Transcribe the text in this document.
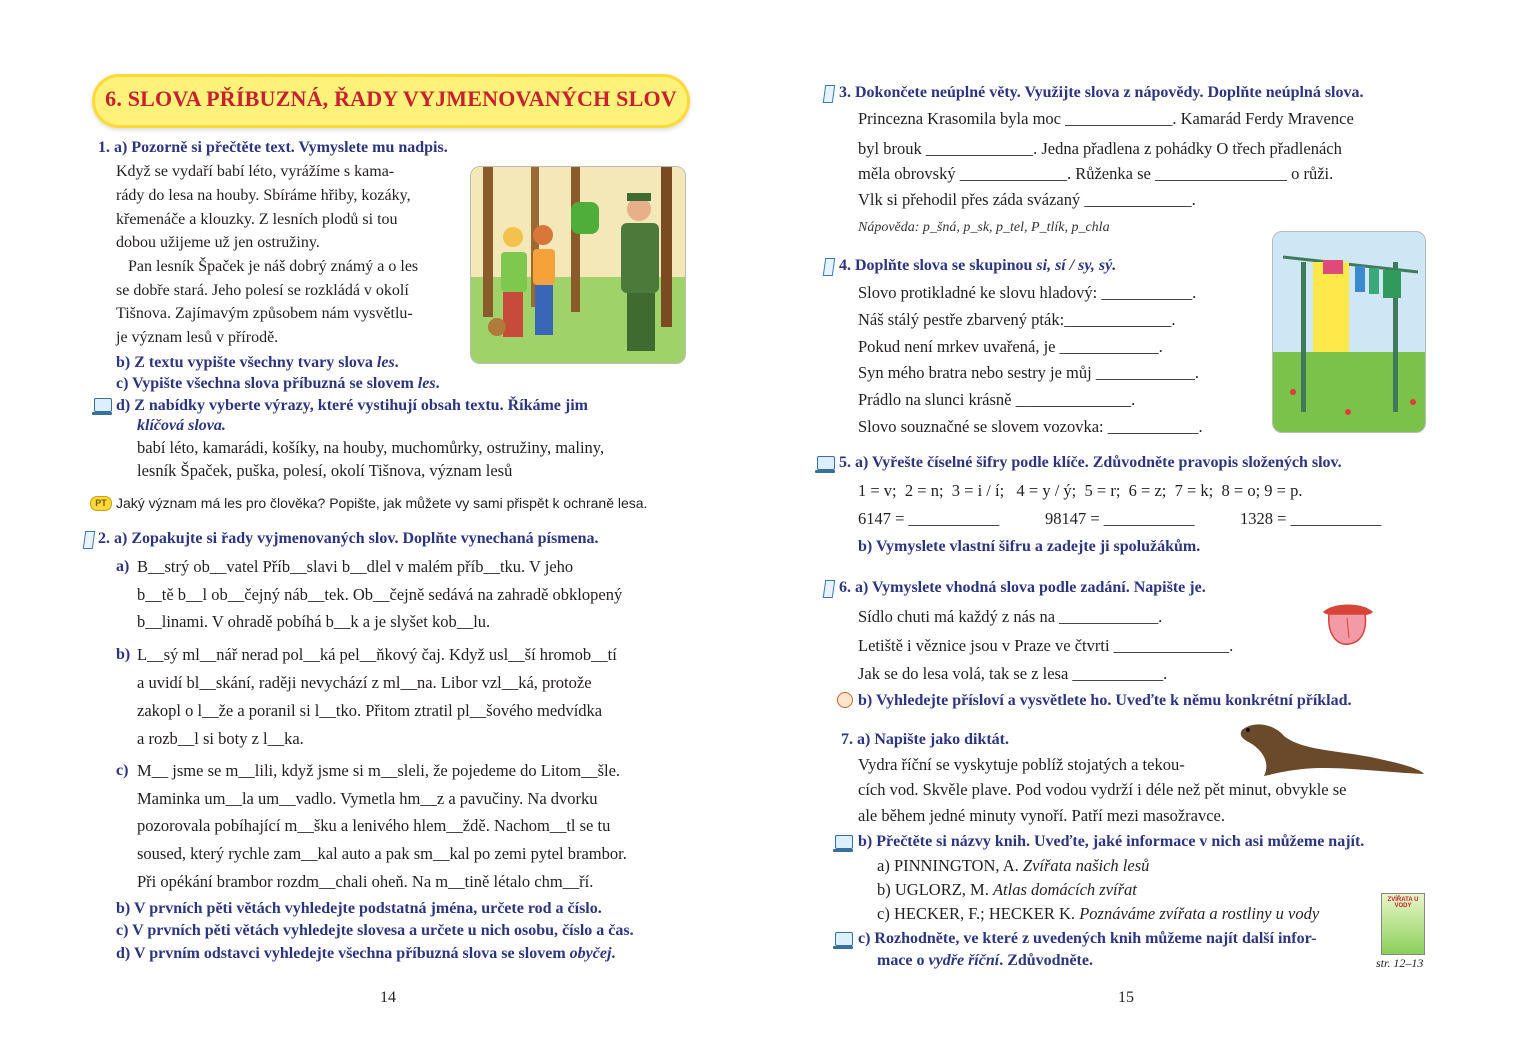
6. SLOVA PŘÍBUZNÁ, ŘADY VYJMENOVANÝCH SLOV
1. a) Pozorně si přečtěte text. Vymyslete mu nadpis.
Když se vydaří babí léto, vyrážíme s kama-
rády do lesa na houby. Sbíráme hřiby, kozáky,
křemenáče a klouzky. Z lesních plodů si tou
dobou užijeme už jen ostružiny.
Pan lesník Špaček je náš dobrý známý a o les
se dobře stará. Jeho polesí se rozkládá v okolí
Tišnova. Zajímavým způsobem nám vysvětlu-
je význam lesů v přírodě.
b) Z textu vypište všechny tvary slova les.
c) Vypište všechna slova příbuzná se slovem les.
d) Z nabídky vyberte výrazy, které vystihují obsah textu. Říkáme jim
klíčová slova.
babí léto, kamarádi, košíky, na houby, muchomůrky, ostružiny, maliny,
lesník Špaček, puška, polesí, okolí Tišnova, význam lesů
PT Jaký význam má les pro člověka? Popište, jak můžete vy sami přispět k ochraně lesa.
2. a) Zopakujte si řady vyjmenovaných slov. Doplňte vynechaná písmena.
a) B__strý ob__vatel Příb__slavi b__dlel v malém příb__tku. V jeho
b__tě b__l ob__čejný náb__tek. Ob__čejně sedává na zahradě obklopený
b__linami. V ohradě pobíhá b__k a je slyšet kob__lu.
b) L__sý ml__nář nerad pol__ká pel__ňkový čaj. Když usl__ší hromob__tí
a uvidí bl__skání, raději nevychází z ml__na. Libor vzl__ká, protože
zakopl o l__že a poranil si l__tko. Přitom ztratil pl__šového medvídka
a rozb__l si boty z l__ka.
c) M__ jsme se m__lili, když jsme si m__sleli, že pojedeme do Litom__šle.
Maminka um__la um__vadlo. Vymetla hm__z a pavučiny. Na dvorku
pozorovala pobíhající m__šku a lenivého hlem__ždě. Nachom__tl se tu
soused, který rychle zam__kal auto a pak sm__kal po zemi pytel brambor.
Při opékání brambor rozdm__chali oheň. Na m__tině létalo chm__ří.
b) V prvních pěti větách vyhledejte podstatná jména, určete rod a číslo.
c) V prvních pěti větách vyhledejte slovesa a určete u nich osobu, číslo a čas.
d) V prvním odstavci vyhledejte všechna příbuzná slova se slovem obyčej.
14
3. Dokončete neúplné věty. Využijte slova z nápovědy. Doplňte neúplná slova.
Princezna Krasomila byla moc _____________. Kamarád Ferdy Mravence
byl brouk _____________. Jedna přadlena z pohádky O třech přadlenách
měla obrovský _____________. Růženka se ________________ o růži.
Vlk si přehodil přes záda svázaný _____________.
Nápověda: p_šná, p_sk, p_tel, P_tlík, p_chla
4. Doplňte slova se skupinou si, sí / sy, sý.
Slovo protikladné ke slovu hladový: ___________.
Náš stálý pestře zbarvený pták:_____________.
Pokud není mrkev uvařená, je ____________.
Syn mého bratra nebo sestry je můj ____________.
Prádlo na slunci krásně ______________.
Slovo souznačné se slovem vozovka: ___________.
5. a) Vyřešte číselné šifry podle klíče. Zdůvodněte pravopis složených slov.
1 = v;  2 = n;  3 = i / í;   4 = y / ý;  5 = r;  6 = z;  7 = k;  8 = o; 9 = p.
6147 = ___________	98147 = ___________	1328 = ___________
b) Vymyslete vlastní šifru a zadejte ji spolužákům.
6. a) Vymyslete vhodná slova podle zadání. Napište je.
Sídlo chuti má každý z nás na ____________.
Letiště i věznice jsou v Praze ve čtvrti ______________.
Jak se do lesa volá, tak se z lesa ___________.
b) Vyhledejte přísloví a vysvětlete ho. Uveďte k němu konkrétní příklad.
7. a) Napište jako diktát.
Vydra říční se vyskytuje poblíž stojatých a tekou-
cích vod. Skvěle plave. Pod vodou vydrží i déle než pět minut, obvykle se
ale během jedné minuty vynoří. Patří mezi masožravce.
b) Přečtěte si názvy knih. Uveďte, jaké informace v nich asi můžeme najít.
a) PINNINGTON, A. Zvířata našich lesů
b) UGLORZ, M. Atlas domácích zvířat
c) HECKER, F.; HECKER K. Poznáváme zvířata a rostliny u vody
ZVÍŘATA U VODY
c) Rozhodněte, ve které z uvedených knih můžeme najít další infor-
mace o vydře říční. Zdůvodněte.	str. 12–13
15
